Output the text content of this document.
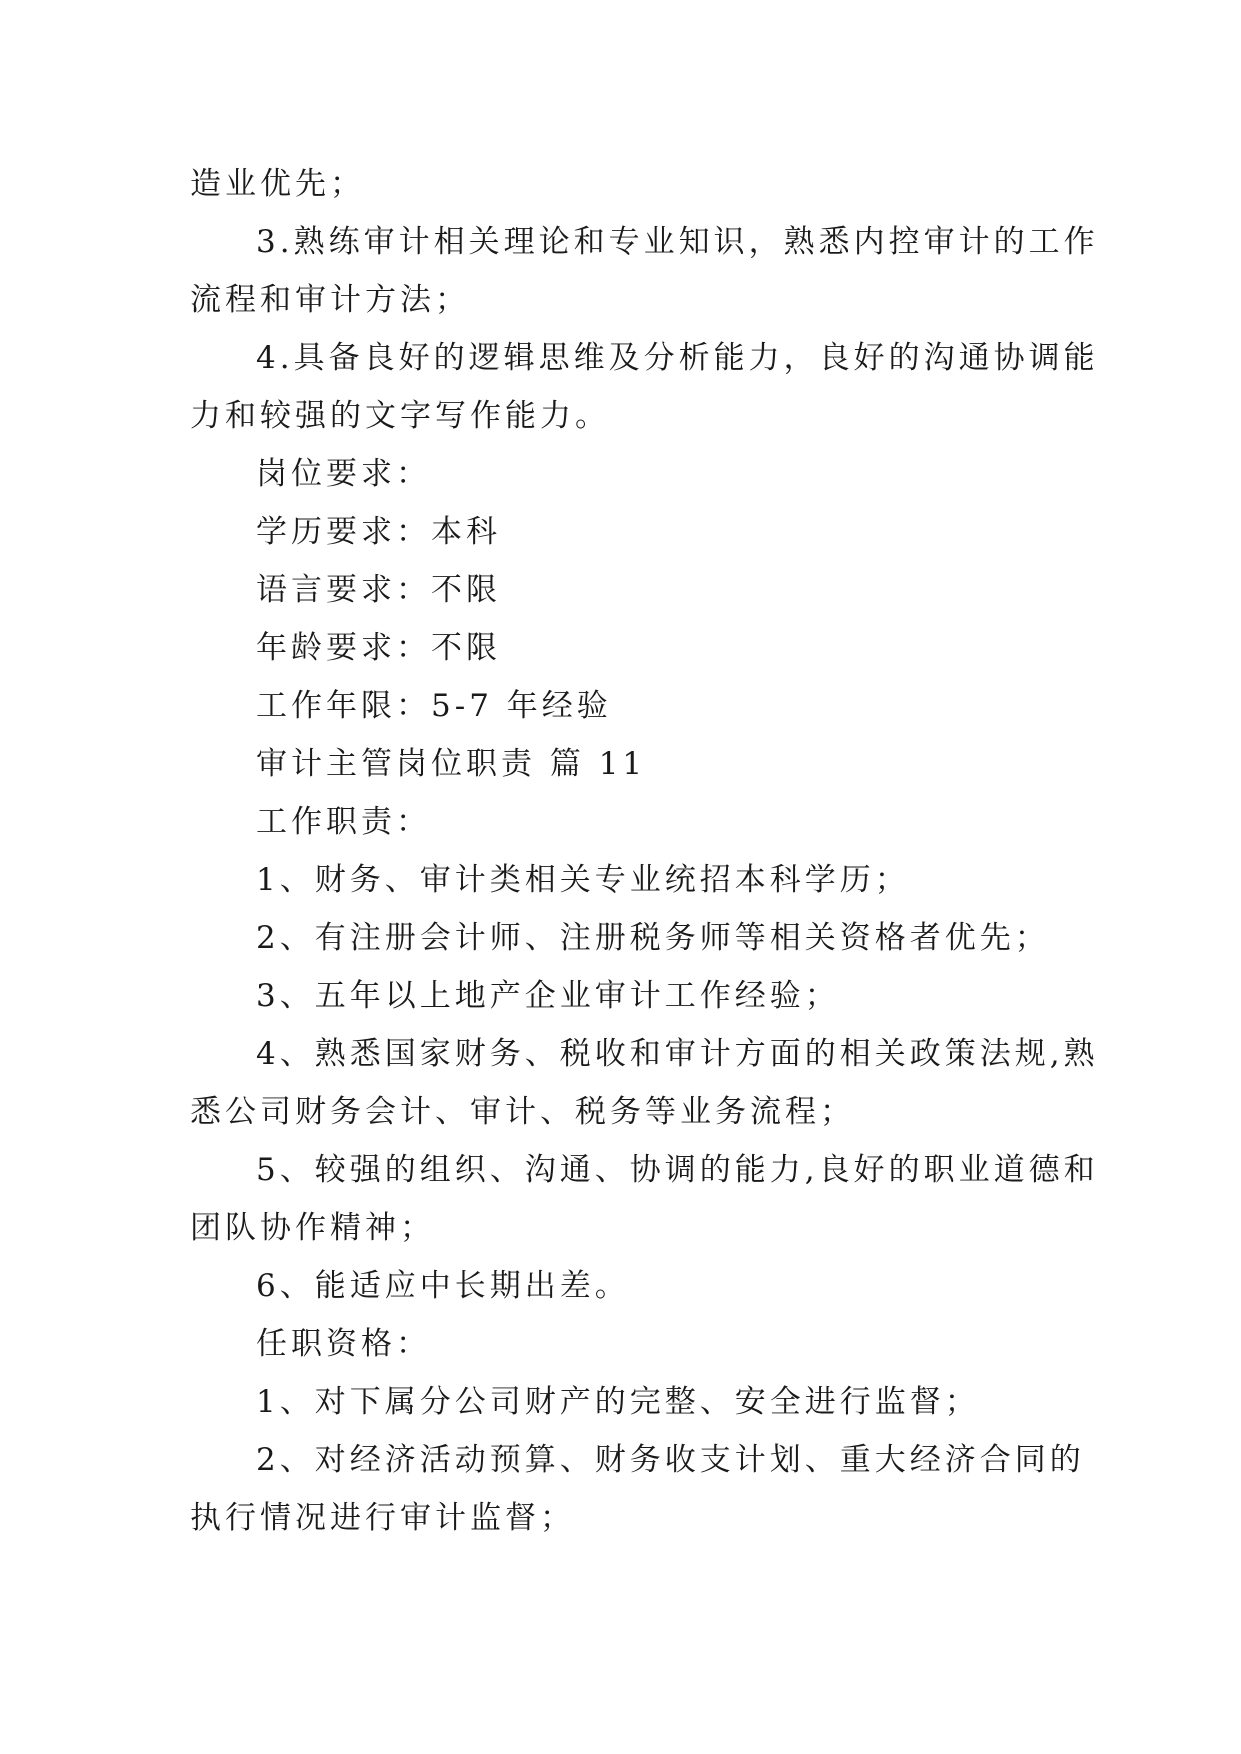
造业优先；
3.熟练审计相关理论和专业知识，熟悉内控审计的工作
流程和审计方法；
4.具备良好的逻辑思维及分析能力，良好的沟通协调能
力和较强的文字写作能力。
岗位要求：
学历要求：本科
语言要求：不限
年龄要求：不限
工作年限：5-7 年经验
审计主管岗位职责 篇 11
工作职责：
1、财务、审计类相关专业统招本科学历；
2、有注册会计师、注册税务师等相关资格者优先；
3、五年以上地产企业审计工作经验；
4、熟悉国家财务、税收和审计方面的相关政策法规,熟
悉公司财务会计、审计、税务等业务流程；
5、较强的组织、沟通、协调的能力,良好的职业道德和
团队协作精神；
6、能适应中长期出差。
任职资格：
1、对下属分公司财产的完整、安全进行监督；
2、对经济活动预算、财务收支计划、重大经济合同的
执行情况进行审计监督；
